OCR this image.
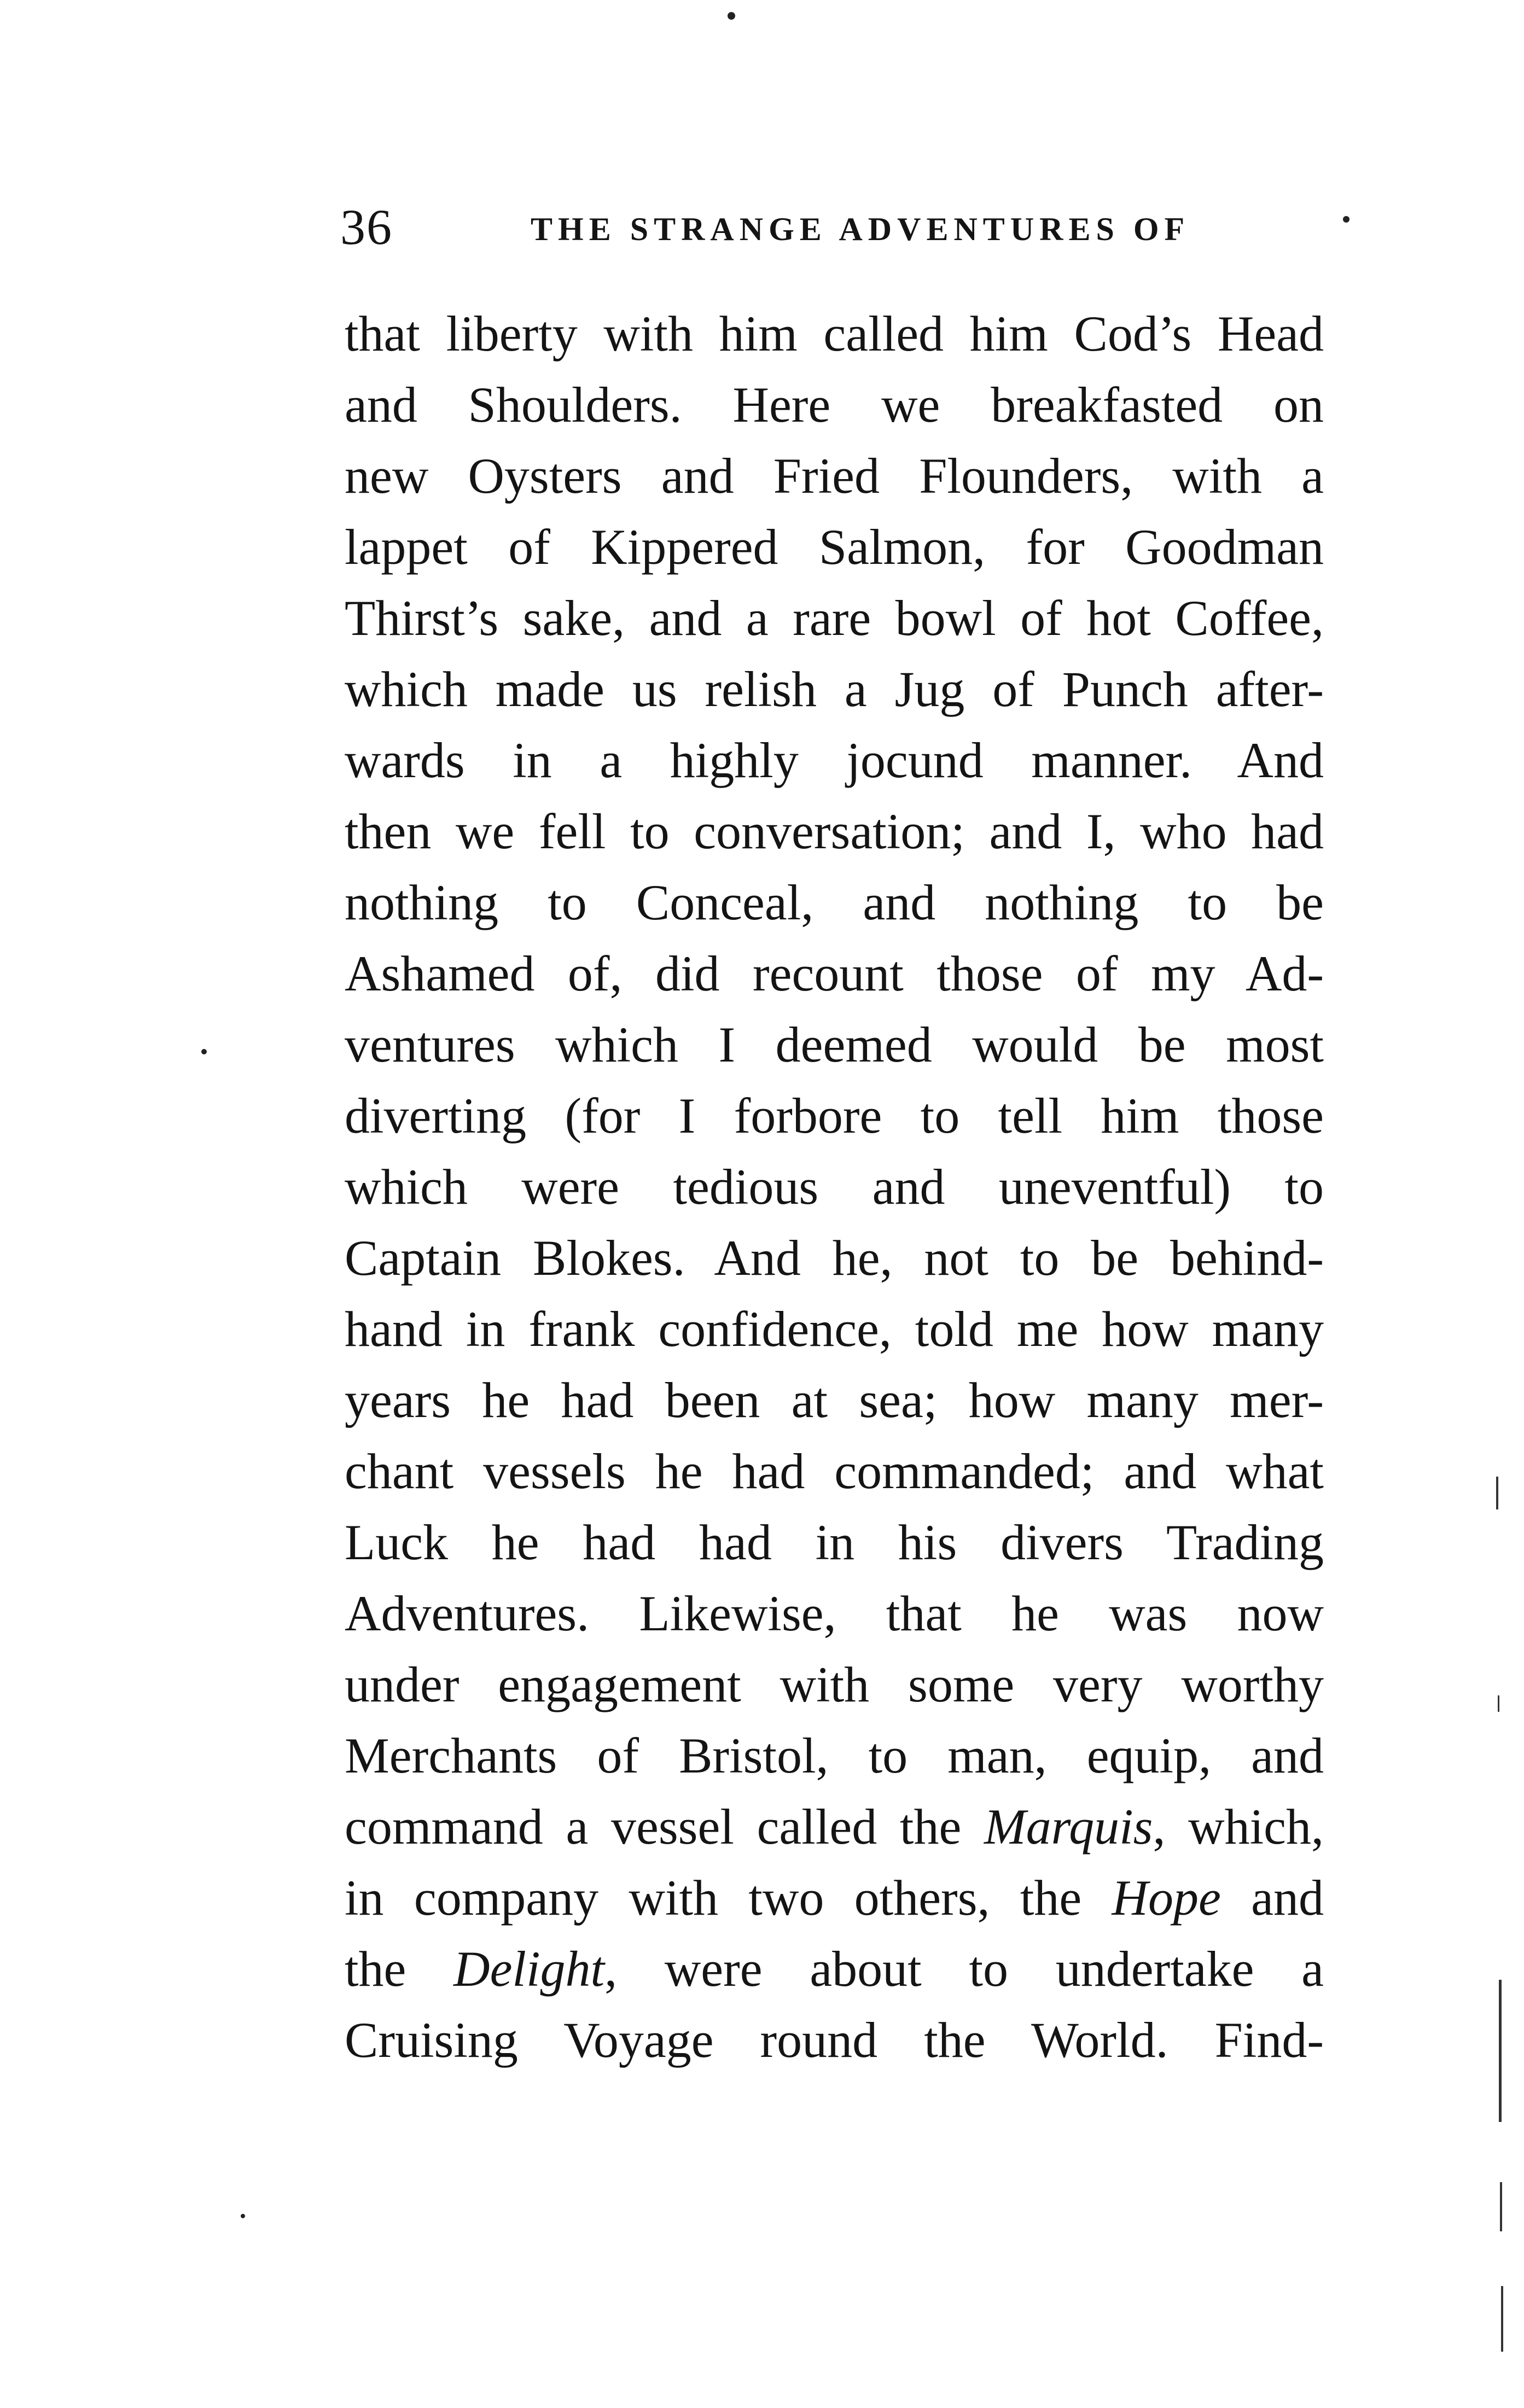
36	THE STRANGE ADVENTURES OF
that liberty with him called him Cod’s Head
and Shoulders. Here we breakfasted on
new Oysters and Fried Flounders, with a
lappet of Kippered Salmon, for Goodman
Thirst’s sake, and a rare bowl of hot Coffee,
which made us relish a Jug of Punch after-
wards in a highly jocund manner. And
then we fell to conversation; and I, who had
nothing to Conceal, and nothing to be
Ashamed of, did recount those of my Ad-
ventures which I deemed would be most
diverting (for I forbore to tell him those
which were tedious and uneventful) to
Captain Blokes. And he, not to be behind-
hand in frank confidence, told me how many
years he had been at sea; how many mer-
chant vessels he had commanded; and what
Luck he had had in his divers Trading
Adventures. Likewise, that he was now
under engagement with some very worthy
Merchants of Bristol, to man, equip, and
command a vessel called the Marquis, which,
in company with two others, the Hope and
the Delight, were about to undertake a
Cruising Voyage round the World. Find-
